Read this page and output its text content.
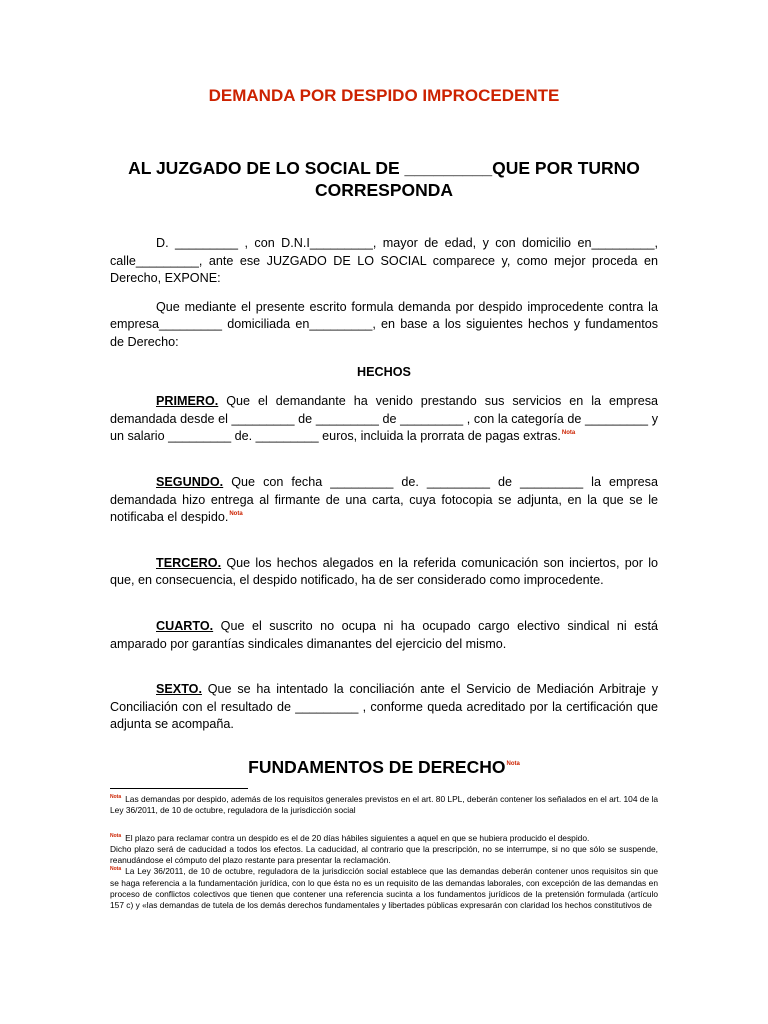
DEMANDA POR DESPIDO IMPROCEDENTE
AL JUZGADO DE LO SOCIAL DE _________QUE POR TURNO CORRESPONDA

D. _________ , con D.N.I_________, mayor de edad, y con domicilio en_________, calle_________, ante ese JUZGADO DE LO SOCIAL comparece y, como mejor proceda en Derecho, EXPONE:

Que mediante el presente escrito formula demanda por despido improcedente contra la empresa_________ domiciliada en_________, en base a los siguientes hechos y fundamentos de Derecho:

HECHOS

PRIMERO. Que el demandante ha venido prestando sus servicios en la empresa demandada desde el _________ de _________ de _________ , con la categoría de _________ y un salario _________ de. _________ euros, incluida la prorrata de pagas extras.$^{Nota}$

SEGUNDO. Que con fecha _________ de. _________ de _________ la empresa demandada hizo entrega al firmante de una carta, cuya fotocopia se adjunta, en la que se le notificaba el despido.$^{Nota}$

TERCERO. Que los hechos alegados en la referida comunicación son inciertos, por lo que, en consecuencia, el despido notificado, ha de ser considerado como improcedente.

CUARTO. Que el suscrito no ocupa ni ha ocupado cargo electivo sindical ni está amparado por garantías sindicales dimanantes del ejercicio del mismo.

SEXTO. Que se ha intentado la conciliación ante el Servicio de Mediación Arbitraje y Conciliación con el resultado de _________ , conforme queda acreditado por la certificación que adjunta se acompaña.

FUNDAMENTOS DE $DERECHO^{Nota}$

$^{Nota}$ Las demandas por despido, además de los requisitos generales previstos en el art. 80 LPL, deberán contener los señalados en el art. 104 de la Ley 36/2011, de 10 de octubre, reguladora de la jurisdicción social

$^{Nota}$ El plazo para reclamar contra un despido es el de 20 días hábiles siguientes a aquel en que se hubiera producido el despido.

Dicho plazo será de caducidad a todos los efectos. La caducidad, al contrario que la prescripción, no se interrumpe, si no que sólo se suspende, reanudándose el cómputo del plazo restante para presentar la reclamación.

$^{Nota}$ La Ley 36/2011, de 10 de octubre, reguladora de la jurisdicción social establece que las demandas deberán contener unos requisitos sin que se haga referencia a la fundamentación jurídica, con lo que ésta no es un requisito de las demandas laborales, con excepción de las demandas en proceso de conflictos colectivos que tienen que contener una referencia sucinta a los fundamentos jurídicos de la pretensión formulada (artículo 157 c) y «las demandas de tutela de los demás derechos fundamentales y libertades públicas expresarán con claridad los hechos constitutivos de
